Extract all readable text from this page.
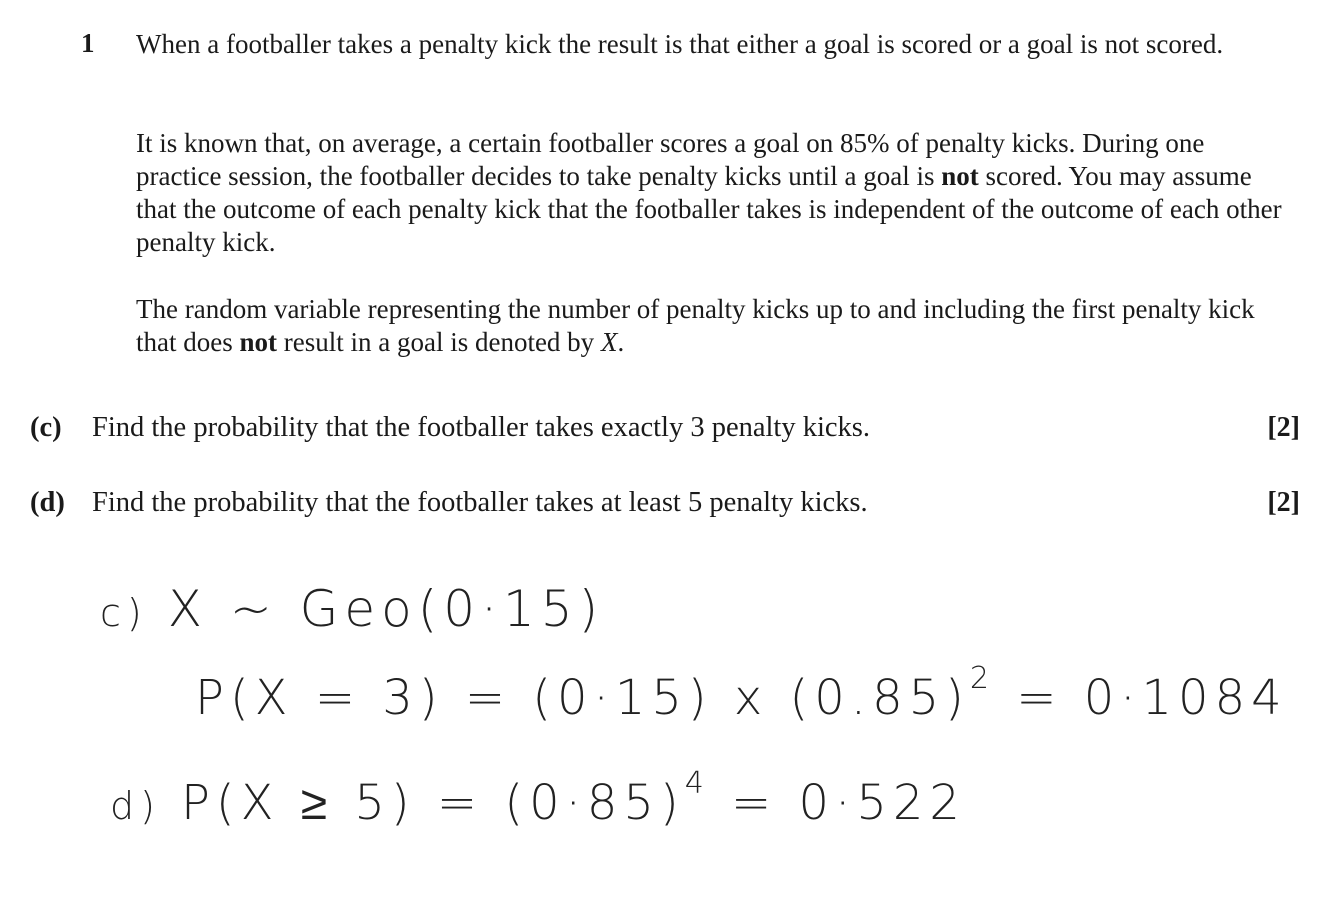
1 When a footballer takes a penalty kick the result is that either a goal is scored or a goal is not scored.

It is known that, on average, a certain footballer scores a goal on 85% of penalty kicks. During one practice session, the footballer decides to take penalty kicks until a goal is not scored. You may assume that the outcome of each penalty kick that the footballer takes is independent of the outcome of each other penalty kick.

The random variable representing the number of penalty kicks up to and including the first penalty kick that does not result in a goal is denoted by X.

(c) Find the probability that the footballer takes exactly 3 penalty kicks.	[2]
(d) Find the probability that the footballer takes at least 5 penalty kicks.	[2]
c) X ~ Geo(0·15)
P(X = 3) = (0·15) x $(0.85)^2 = 0\cdot 1084$
d) $P(X \ge 5) = (0\cdot 85)^4 = 0\cdot 522$
